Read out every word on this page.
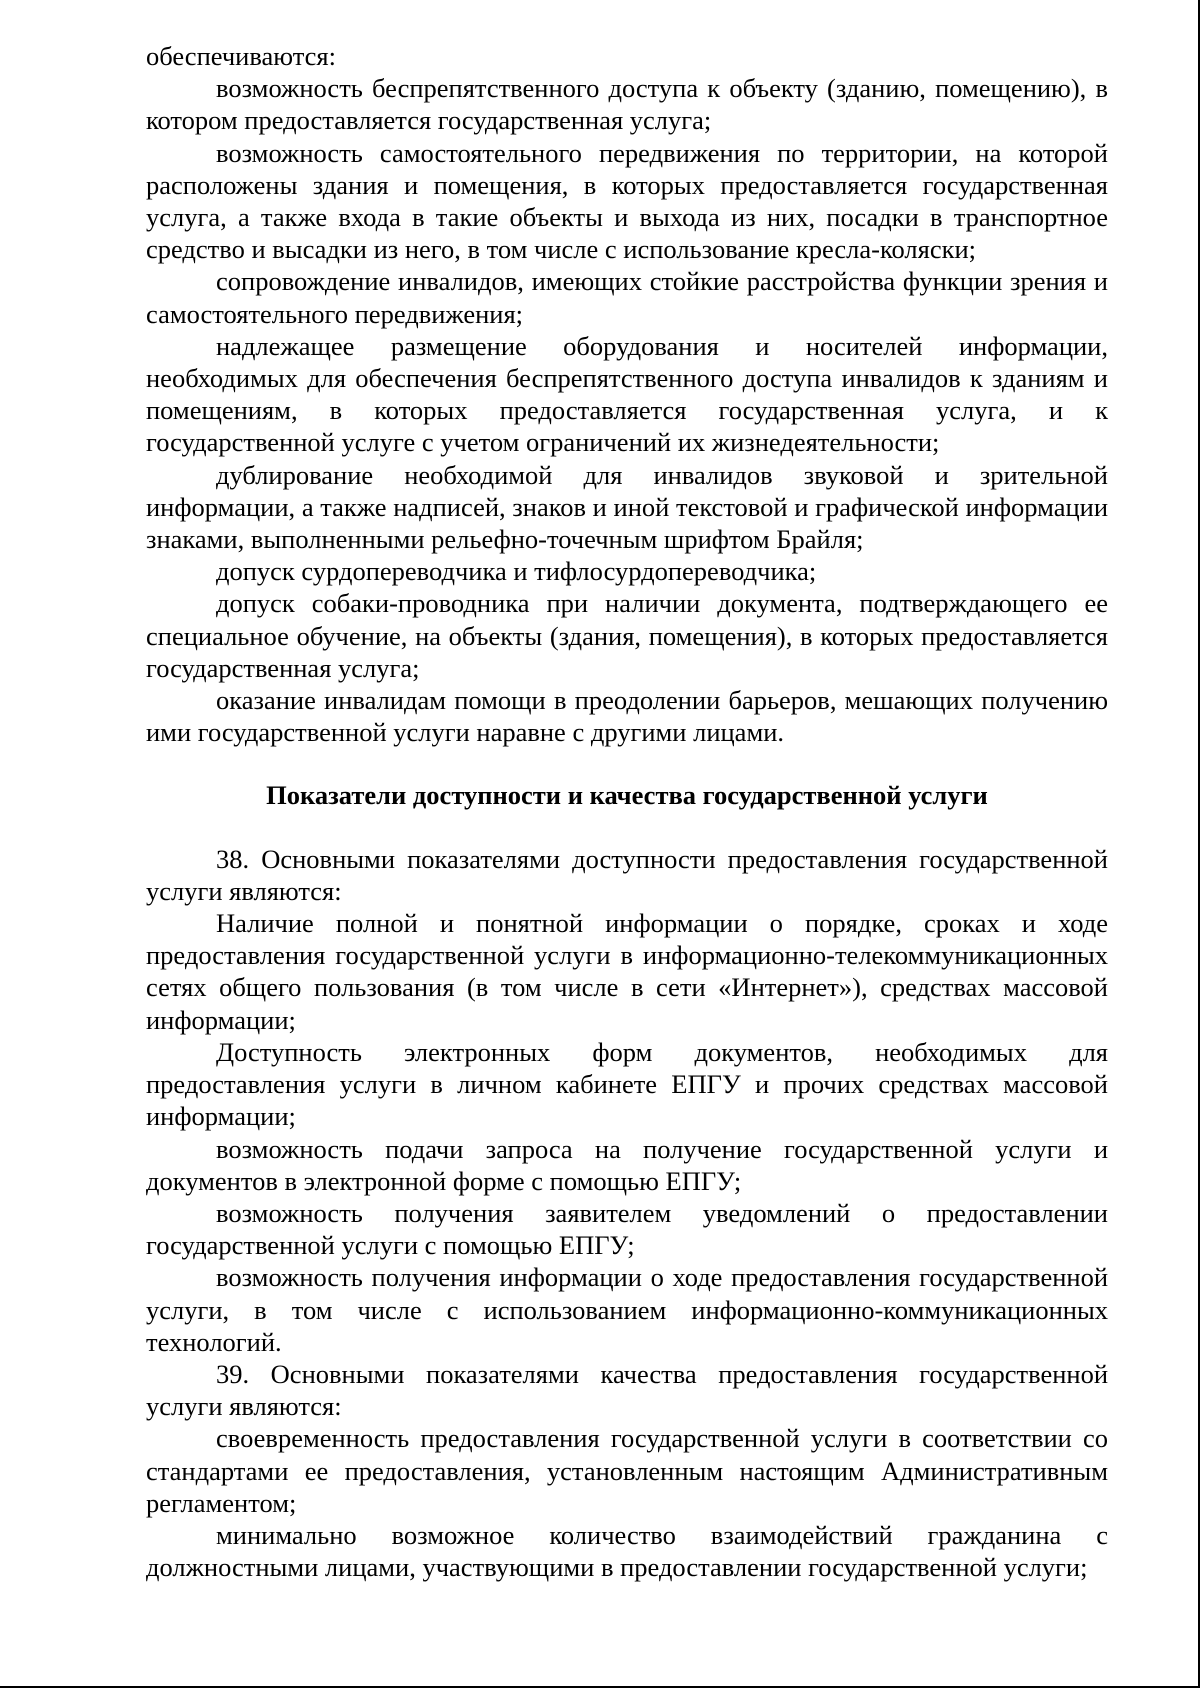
обеспечиваются:

возможность беспрепятственного доступа к объекту (зданию, помещению), в котором предоставляется государственная услуга;

возможность самостоятельного передвижения по территории, на которой расположены здания и помещения, в которых предоставляется государственная услуга, а также входа в такие объекты и выхода из них, посадки в транспортное средство и высадки из него, в том числе с использование кресла-коляски;

сопровождение инвалидов, имеющих стойкие расстройства функции зрения и самостоятельного передвижения;

надлежащее размещение оборудования и носителей информации, необходимых для обеспечения беспрепятственного доступа инвалидов к зданиям и помещениям, в которых предоставляется государственная услуга, и к государственной услуге с учетом ограничений их жизнедеятельности;

дублирование необходимой для инвалидов звуковой и зрительной информации, а также надписей, знаков и иной текстовой и графической информации знаками, выполненными рельефно-точечным шрифтом Брайля;

допуск сурдопереводчика и тифлосурдопереводчика;

допуск собаки-проводника при наличии документа, подтверждающего ее специальное обучение, на объекты (здания, помещения), в которых предоставляется государственная услуга;

оказание инвалидам помощи в преодолении барьеров, мешающих получению ими государственной услуги наравне с другими лицами.

Показатели доступности и качества государственной услуги

38. Основными показателями доступности предоставления государственной услуги являются:

Наличие полной и понятной информации о порядке, сроках и ходе предоставления государственной услуги в информационно-телекоммуникационных сетях общего пользования (в том числе в сети «Интернет»), средствах массовой информации;

Доступность электронных форм документов, необходимых для предоставления услуги в личном кабинете ЕПГУ и прочих средствах массовой информации;

возможность подачи запроса на получение государственной услуги и документов в электронной форме с помощью ЕПГУ;

возможность получения заявителем уведомлений о предоставлении государственной услуги с помощью ЕПГУ;

возможность получения информации о ходе предоставления государственной услуги, в том числе с использованием информационно-коммуникационных технологий.

39. Основными показателями качества предоставления государственной услуги являются:

своевременность предоставления государственной услуги в соответствии со стандартами ее предоставления, установленным настоящим Административным регламентом;

минимально возможное количество взаимодействий гражданина с должностными лицами, участвующими в предоставлении государственной услуги;
